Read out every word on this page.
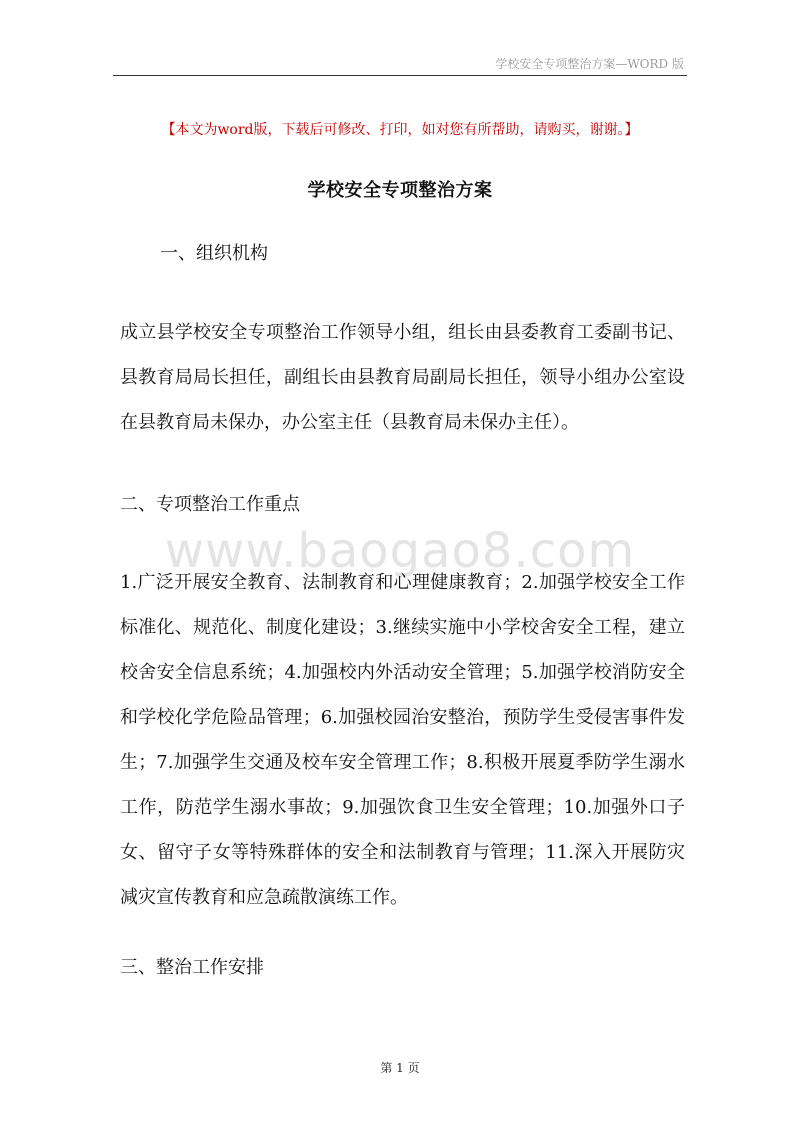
学校安全专项整治方案—WORD 版
【本文为word版，下载后可修改、打印，如对您有所帮助，请购买，谢谢。】
学校安全专项整治方案
一、组织机构
成立县学校安全专项整治工作领导小组，组长由县委教育工委副书记、县教育局局长担任，副组长由县教育局副局长担任，领导小组办公室设在县教育局未保办，办公室主任（县教育局未保办主任）。
二、专项整治工作重点
www.baogao8.com
1.广泛开展安全教育、法制教育和心理健康教育；2.加强学校安全工作标准化、规范化、制度化建设；3.继续实施中小学校舍安全工程，建立校舍安全信息系统；4.加强校内外活动安全管理；5.加强学校消防安全和学校化学危险品管理；6.加强校园治安整治，预防学生受侵害事件发生；7.加强学生交通及校车安全管理工作；8.积极开展夏季防学生溺水工作，防范学生溺水事故；9.加强饮食卫生安全管理；10.加强外口子女、留守子女等特殊群体的安全和法制教育与管理；11.深入开展防灾减灾宣传教育和应急疏散演练工作。
三、整治工作安排
第 1 页
